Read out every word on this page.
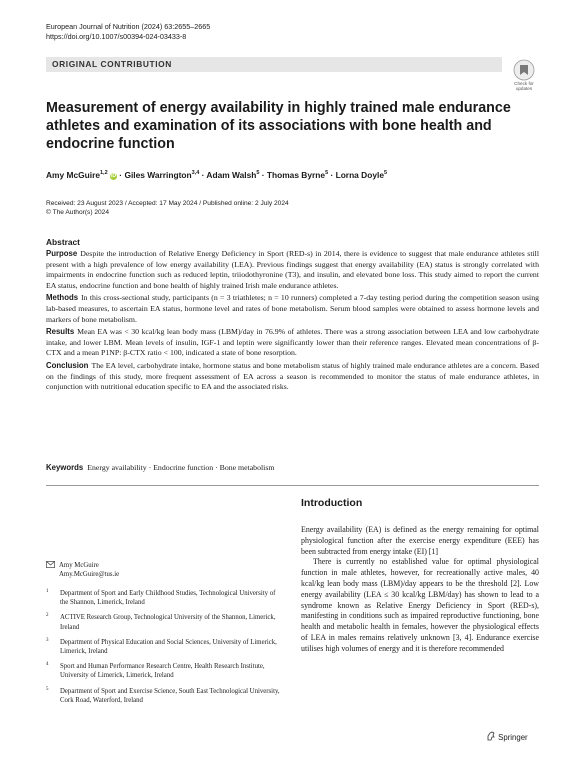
European Journal of Nutrition (2024) 63:2655–2665
https://doi.org/10.1007/s00394-024-03433-8
ORIGINAL CONTRIBUTION
Check for
updates
Measurement of energy availability in highly trained male endurance athletes and examination of its associations with bone health and endocrine function
Amy McGuire$^{1,2}$ iD · Giles Warrington$^{3,4}$ · Adam Walsh$^5$ · Thomas Byrne$^5$ · Lorna Doyle$^5$
Received: 23 August 2023 / Accepted: 17 May 2024 / Published online: 2 July 2024
© The Author(s) 2024
Abstract

Purpose Despite the introduction of Relative Energy Deficiency in Sport (RED-s) in 2014, there is evidence to suggest that male endurance athletes still present with a high prevalence of low energy availability (LEA). Previous findings suggest that energy availability (EA) status is strongly correlated with impairments in endocrine function such as reduced leptin, triiodothyronine (T3), and insulin, and elevated bone loss. This study aimed to report the current EA status, endocrine function and bone health of highly trained Irish male endurance athletes.

Methods In this cross-sectional study, participants (n = 3 triathletes; n = 10 runners) completed a 7-day testing period during the competition season using lab-based measures, to ascertain EA status, hormone level and rates of bone metabolism. Serum blood samples were obtained to assess hormone levels and markers of bone metabolism.

Results Mean EA was < 30 kcal/kg lean body mass (LBM)/day in 76.9% of athletes. There was a strong association between LEA and low carbohydrate intake, and lower LBM. Mean levels of insulin, IGF-1 and leptin were significantly lower than their reference ranges. Elevated mean concentrations of β-CTX and a mean P1NP: β-CTX ratio < 100, indicated a state of bone resorption.

Conclusion The EA level, carbohydrate intake, hormone status and bone metabolism status of highly trained male endurance athletes are a concern. Based on the findings of this study, more frequent assessment of EA across a season is recommended to monitor the status of male endurance athletes, in conjunction with nutritional education specific to EA and the associated risks.

Keywords Energy availability · Endocrine function · Bone metabolism
Introduction

Energy availability (EA) is defined as the energy remaining for optimal physiological function after the exercise energy expenditure (EEE) has been subtracted from energy intake (EI) [1]

There is currently no established value for optimal physiological function in male athletes, however, for recreationally active males, 40 kcal/kg lean body mass (LBM)/day appears to be the threshold [2]. Low energy availability (LEA ≤ 30 kcal/kg LBM/day) has shown to lead to a syndrome known as Relative Energy Deficiency in Sport (RED-s), manifesting in conditions such as impaired reproductive functioning, bone health and metabolic health in females, however the physiological effects of LEA in males remains relatively unknown [3, 4]. Endurance exercise utilises high volumes of energy and it is therefore recommended

Amy McGuire
Amy.McGuire@tus.ie
1 Department of Sport and Early Childhood Studies, Technological University of the Shannon, Limerick, Ireland
2 ACTIVE Research Group, Technological University of the Shannon, Limerick, Ireland
3 Department of Physical Education and Social Sciences, University of Limerick, Limerick, Ireland
4 Sport and Human Performance Research Centre, Health Research Institute, University of Limerick, Limerick, Ireland
5 Department of Sport and Exercise Science, South East Technological University, Cork Road, Waterford, Ireland
Springer
